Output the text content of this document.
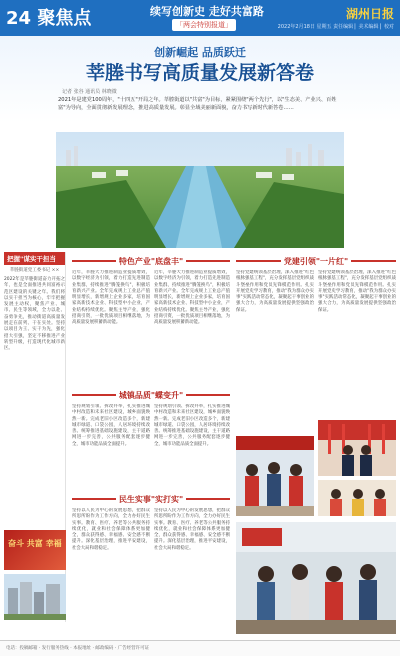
24 聚焦点	续写创新史 走好共富路
「两会特别报道」
湖州日报
2022年2月18日 星期五 责任编辑 ▏美术编辑 ▏校对
创新崛起 品质跃迁
莘塍书写高质量发展新答卷
记者 张谷 通讯员 林晓微
2021年是建党100周年，"十四五"开局之年。莘塍街道以"共富"为目标，紧紧围绕"两个先行"，以"生态美、产业兴、百姓富"为导向，全面贯彻新发展理念，推进高质量发展。彰显全域美丽新面貌，奋力书写新时代新答卷……
把握"谋实干担当
莘塍街道党工委书记 ××
2022年是莘塍街道奋力开拓之年，也是全面推进共同富裕示范区建设的关键之年。我们将以实干担当为核心，牢牢把握发展主动权，聚焦产业、城市、民生等领域，全力以赴、奋勇争先，推动街道高质量发展走在前列、干在实处。坚持以项目为王、实干为先，强化招大引强，坚定不移推进产业转型升级，打造现代化城市新区。
奋斗 共富 幸福
特色产业"底盘丰"
近年，莘塍大力推进制造业提质增效，以数字经济为引领，着力打造先进制造业集群，持续推进"腾笼换鸟"，积极培育新兴产业。全年完成规上工业总产值明显增长，新增规上企业多家，培育国家高新技术企业、科技型中小企业，产业结构持续优化。聚焦主导产业，强化招商引资，一批优质项目相继落地，为高质量发展积蓄新动能。
近年，莘塍大力推进制造业提质增效，以数字经济为引领，着力打造先进制造业集群，持续推进"腾笼换鸟"，积极培育新兴产业。全年完成规上工业总产值明显增长，新增规上企业多家，培育国家高新技术企业、科技型中小企业，产业结构持续优化。聚焦主导产业，强化招商引资，一批优质项目相继落地，为高质量发展积蓄新动能。
城镇品质"蝶变升"
坚持规划引领、拆改并举，扎实推进城中村改造和未来社区建设，城乡面貌焕然一新。完成老旧小区改造多个，新建城市绿道、口袋公园，人居环境持续改善。统筹推进基础设施建设，主干道路网进一步完善，公共服务配套逐步健全，城市功能品质全面提升。
坚持规划引领、拆改并举，扎实推进城中村改造和未来社区建设，城乡面貌焕然一新。完成老旧小区改造多个，新建城市绿道、口袋公园，人居环境持续改善。统筹推进基础设施建设，主干道路网进一步完善，公共服务配套逐步健全，城市功能品质全面提升。
民生实事"实打实"
坚持以人民为中心的发展思想，把群众所思所盼作为工作方向，全力办好民生实事。教育、医疗、养老等公共服务持续优化，就业和社会保障体系更加健全，群众获得感、幸福感、安全感不断提升。深化基层治理，推进平安建设，社会大局和谐稳定。
坚持以人民为中心的发展思想，把群众所思所盼作为工作方向，全力办好民生实事。教育、医疗、养老等公共服务持续优化，就业和社会保障体系更加健全，群众获得感、幸福感、安全感不断提升。深化基层治理，推进平安建设，社会大局和谐稳定。
党建引领"一片红"
坚持党建统领基层治理，深入推进"红色根脉强基工程"，充分发挥基层党组织战斗堡垒作用和党员先锋模范作用。扎实开展党史学习教育，推动"我为群众办实事"实践活动常态化，凝聚起干事创业的强大合力，为高质量发展提供坚强政治保证。
坚持党建统领基层治理，深入推进"红色根脉强基工程"，充分发挥基层党组织战斗堡垒作用和党员先锋模范作用。扎实开展党史学习教育，推动"我为群众办实事"实践活动常态化，凝聚起干事创业的强大合力，为高质量发展提供坚强政治保证。
电话：投稿邮箱 · 发行服务热线 · 本报地址 · 邮政编码 · 广告经营许可证
